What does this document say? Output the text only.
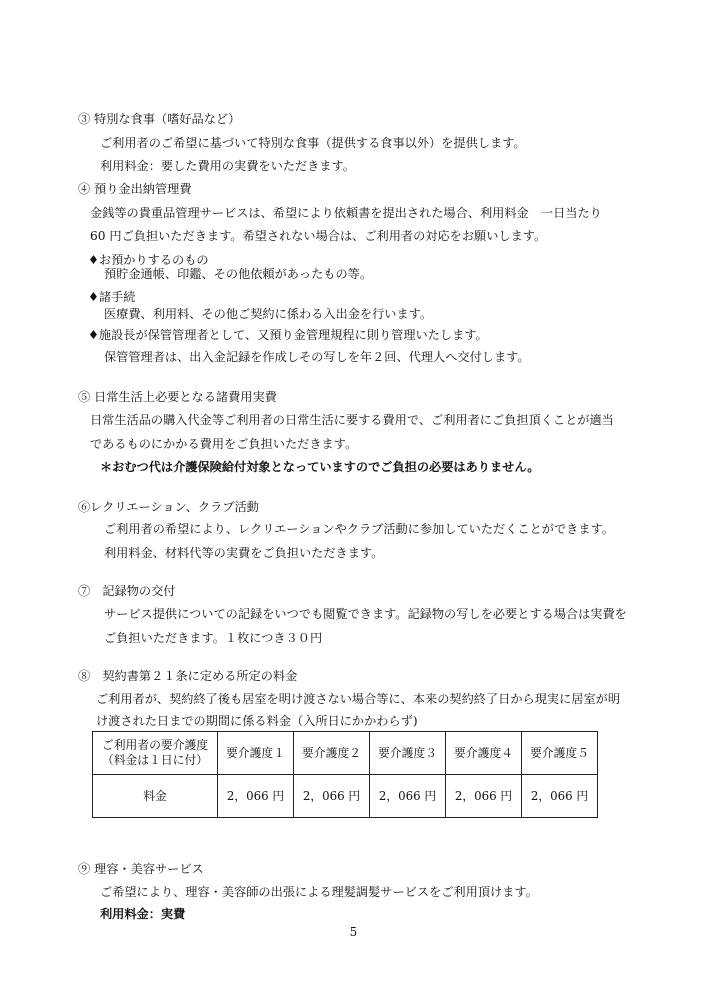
③ 特別な食事（嗜好品など）
ご利用者のご希望に基づいて特別な食事（提供する食事以外）を提供します。
利用料金：要した費用の実費をいただきます。
④ 預り金出納管理費
金銭等の貴重品管理サービスは、希望により依頼書を提出された場合、利用料金　一日当たり
60 円ご負担いただきます。希望されない場合は、ご利用者の対応をお願いします。
♦お預かりするのもの
預貯金通帳、印鑑、その他依頼があったもの等。
♦諸手続
医療費、利用料、その他ご契約に係わる入出金を行います。
♦施設長が保管管理者として、又預り金管理規程に則り管理いたします。
保管管理者は、出入金記録を作成しその写しを年２回、代理人へ交付します。
⑤ 日常生活上必要となる諸費用実費
日常生活品の購入代金等ご利用者の日常生活に要する費用で、ご利用者にご負担頂くことが適当
であるものにかかる費用をご負担いただきます。
＊おむつ代は介護保険給付対象となっていますのでご負担の必要はありません。
⑥レクリエーション、クラブ活動
ご利用者の希望により、レクリエーションやクラブ活動に参加していただくことができます。
利用料金、材料代等の実費をご負担いただきます。
⑦　記録物の交付
サービス提供についての記録をいつでも閲覧できます。記録物の写しを必要とする場合は実費を
ご負担いただきます。１枚につき３０円
⑧　契約書第２１条に定める所定の料金
ご利用者が、契約終了後も居室を明け渡さない場合等に、本来の契約終了日から現実に居室が明
け渡された日までの期間に係る料金（入所日にかかわらず)
ご利用者の要介護度
（料金は１日に付）	要介護度１	要介護度２	要介護度３	要介護度４	要介護度５
料金	2，066 円	2，066 円	2，066 円	2，066 円	2，066 円
⑨ 理容・美容サービス
ご希望により、理容・美容師の出張による理髪調髪サービスをご利用頂けます。
利用料金：実費
5
